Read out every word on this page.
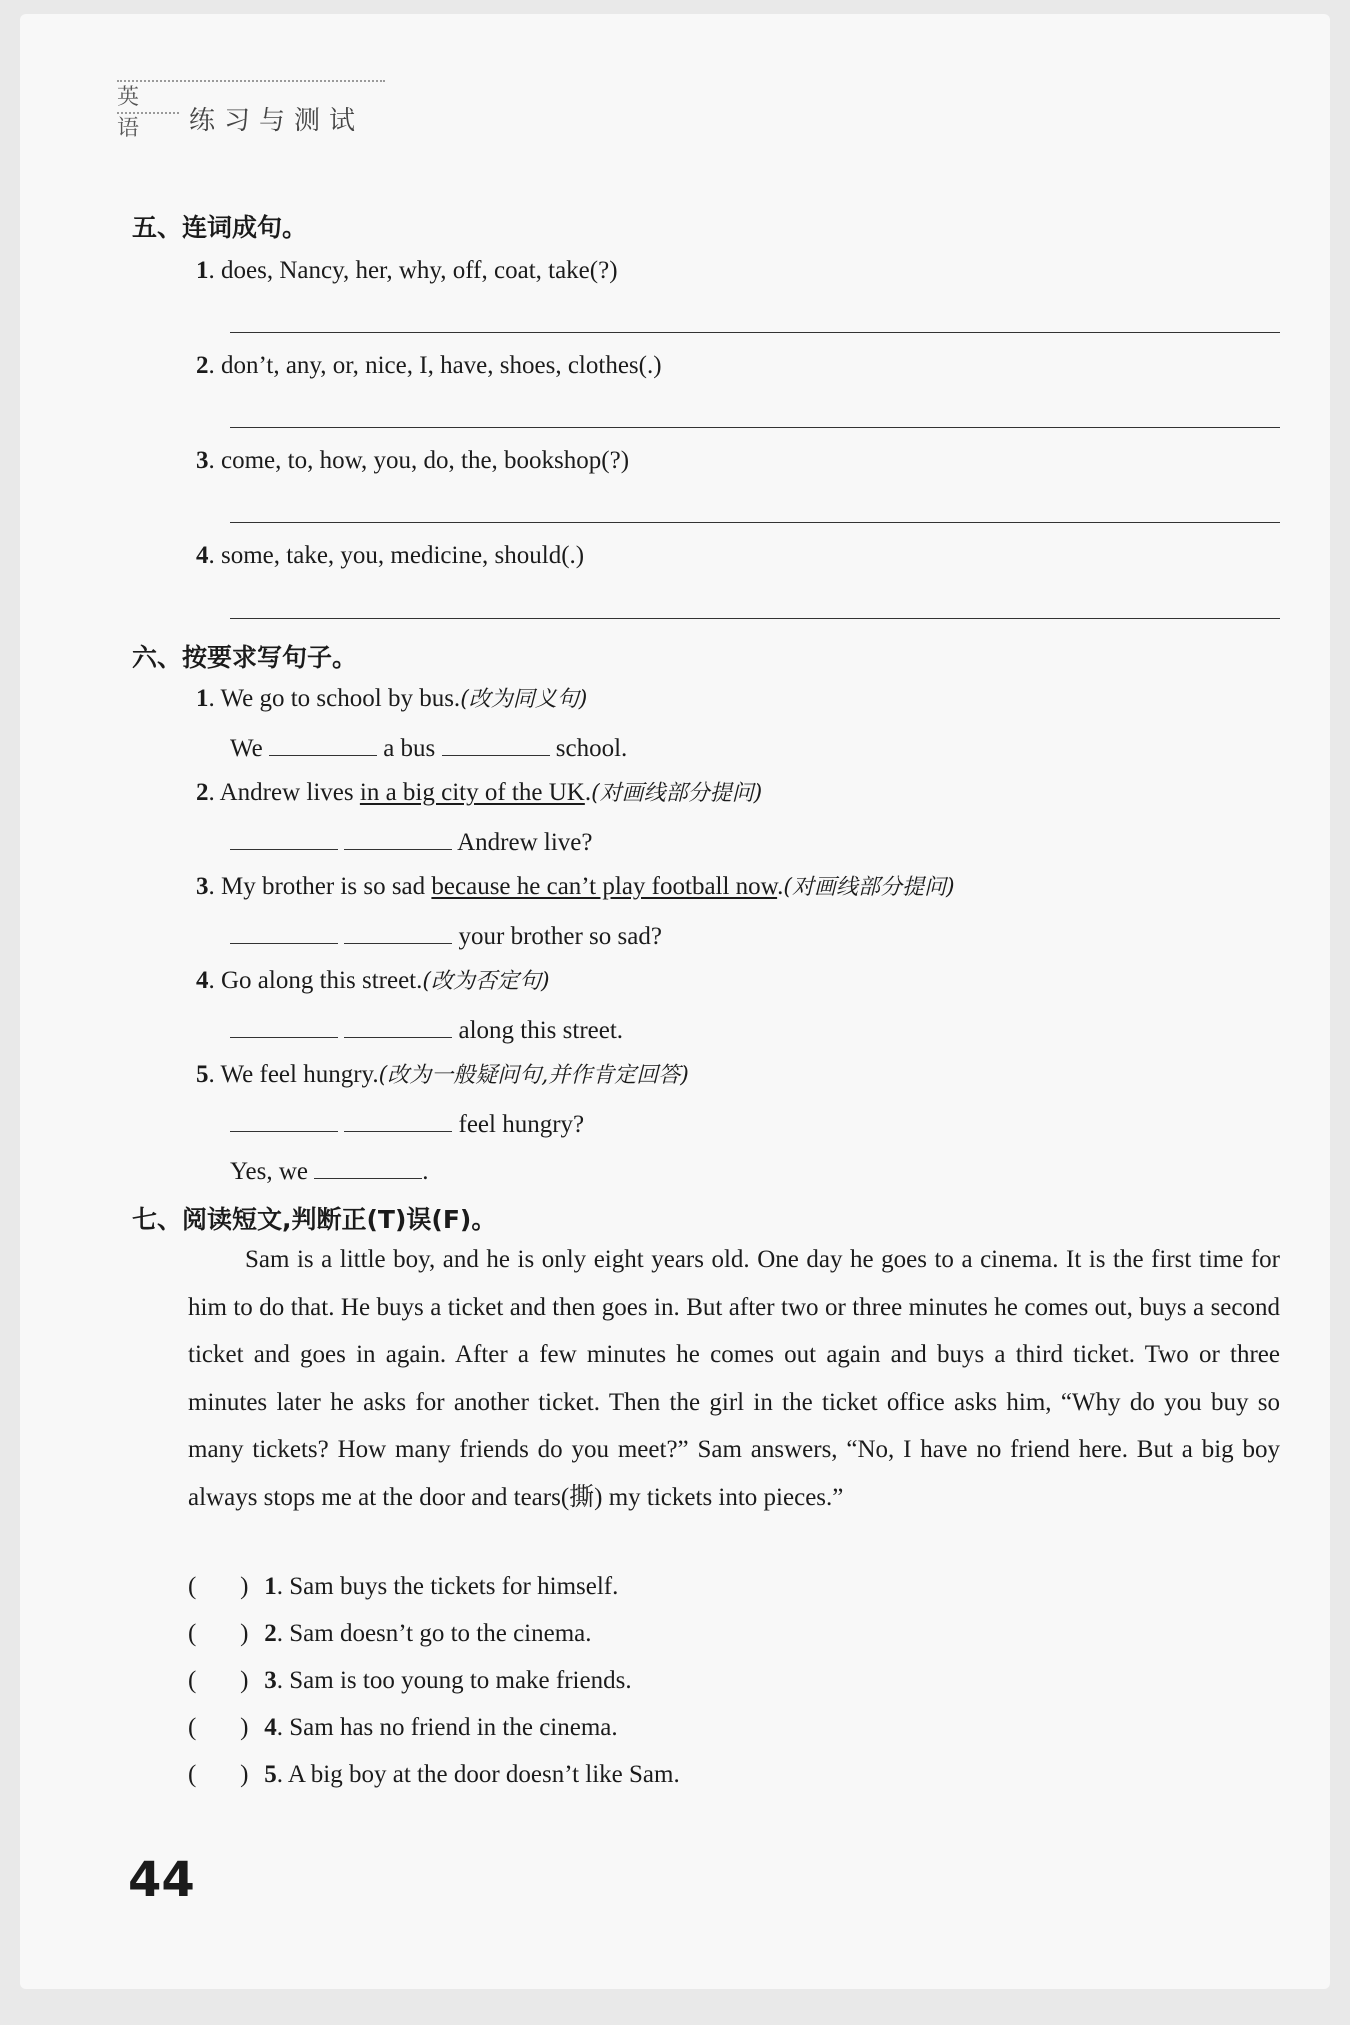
英语 练习与测试
五、连词成句。
1. does, Nancy, her, why, off, coat, take(?)
2. don’t, any, or, nice, I, have, shoes, clothes(.)
3. come, to, how, you, do, the, bookshop(?)
4. some, take, you, medicine, should(.)
六、按要求写句子。
1. We go to school by bus.(改为同义句)
We	a bus	school.
2. Andrew lives in a big city of the UK.(对画线部分提问)
Andrew live?
3. My brother is so sad because he can’t play football now.(对画线部分提问)
your brother so sad?
4. Go along this street.(改为否定句)
along this street.
5. We feel hungry.(改为一般疑问句,并作肯定回答)
feel hungry?
Yes, we	.
七、阅读短文,判断正(T)误(F)。

Sam is a little boy, and he is only eight years old. One day he goes to a cinema. It is the first time for him to do that. He buys a ticket and then goes in. But after two or three minutes he comes out, buys a second ticket and goes in again. After a few minutes he comes out again and buys a third ticket. Two or three minutes later he asks for another ticket. Then the girl in the ticket office asks him, “Why do you buy so many tickets? How many friends do you meet?” Sam answers, “No, I have no friend here. But a big boy always stops me at the door and tears(撕) my tickets into pieces.”

(       ) 1. Sam buys the tickets for himself.
(       ) 2. Sam doesn’t go to the cinema.
(       ) 3. Sam is too young to make friends.
(       ) 4. Sam has no friend in the cinema.
(       ) 5. A big boy at the door doesn’t like Sam.
44
